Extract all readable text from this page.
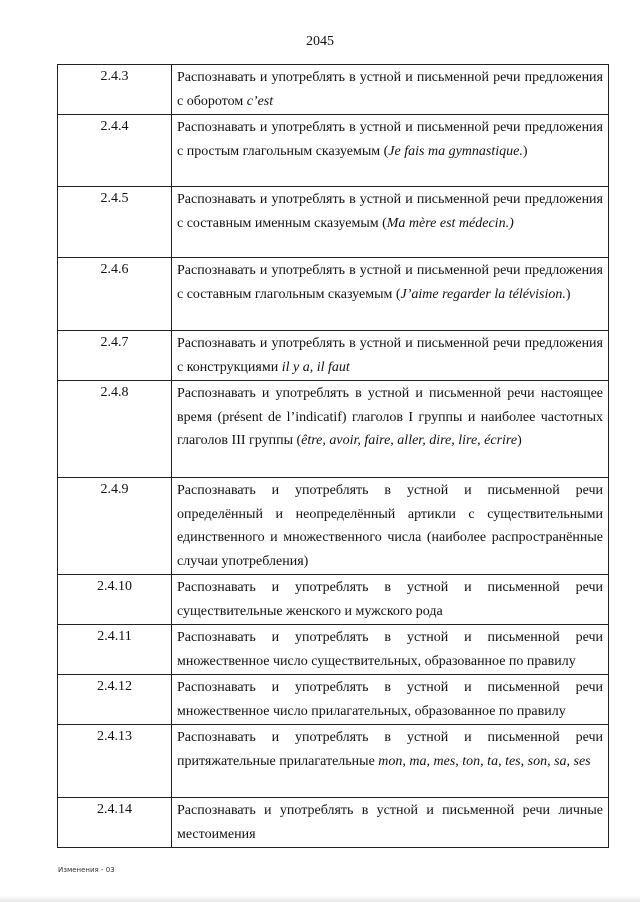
2045
2.4.3	Распознавать и употреблять в устной и письменной речи предложения с оборотом c’est
2.4.4	Распознавать и употреблять в устной и письменной речи предложения с простым глагольным сказуемым (Je fais ma gymnastique.)
2.4.5	Распознавать и употреблять в устной и письменной речи предложения с составным именным сказуемым (Ma mère est médecin.)
2.4.6	Распознавать и употреблять в устной и письменной речи предложения с составным глагольным сказуемым (J’aime regarder la télévision.)
2.4.7	Распознавать и употреблять в устной и письменной речи предложения с конструкциями il y a, il faut
2.4.8	Распознавать и употреблять в устной и письменной речи настоящее время (présent de l’indicatif) глаголов I группы и наиболее частотных глаголов III группы (être, avoir, faire, aller, dire, lire, écrire)
2.4.9	Распознавать и употреблять в устной и письменной речи определённый и неопределённый артикли с существительными единственного и множественного числа (наиболее распространённые случаи употребления)
2.4.10	Распознавать и употреблять в устной и письменной речи существительные женского и мужского рода
2.4.11	Распознавать и употреблять в устной и письменной речи множественное число существительных, образованное по правилу
2.4.12	Распознавать и употреблять в устной и письменной речи множественное число прилагательных, образованное по правилу
2.4.13	Распознавать и употреблять в устной и письменной речи притяжательные прилагательные mon, ma, mes, ton, ta, tes, son, sa, ses
2.4.14	Распознавать и употреблять в устной и письменной речи личные местоимения
Изменения - 03
